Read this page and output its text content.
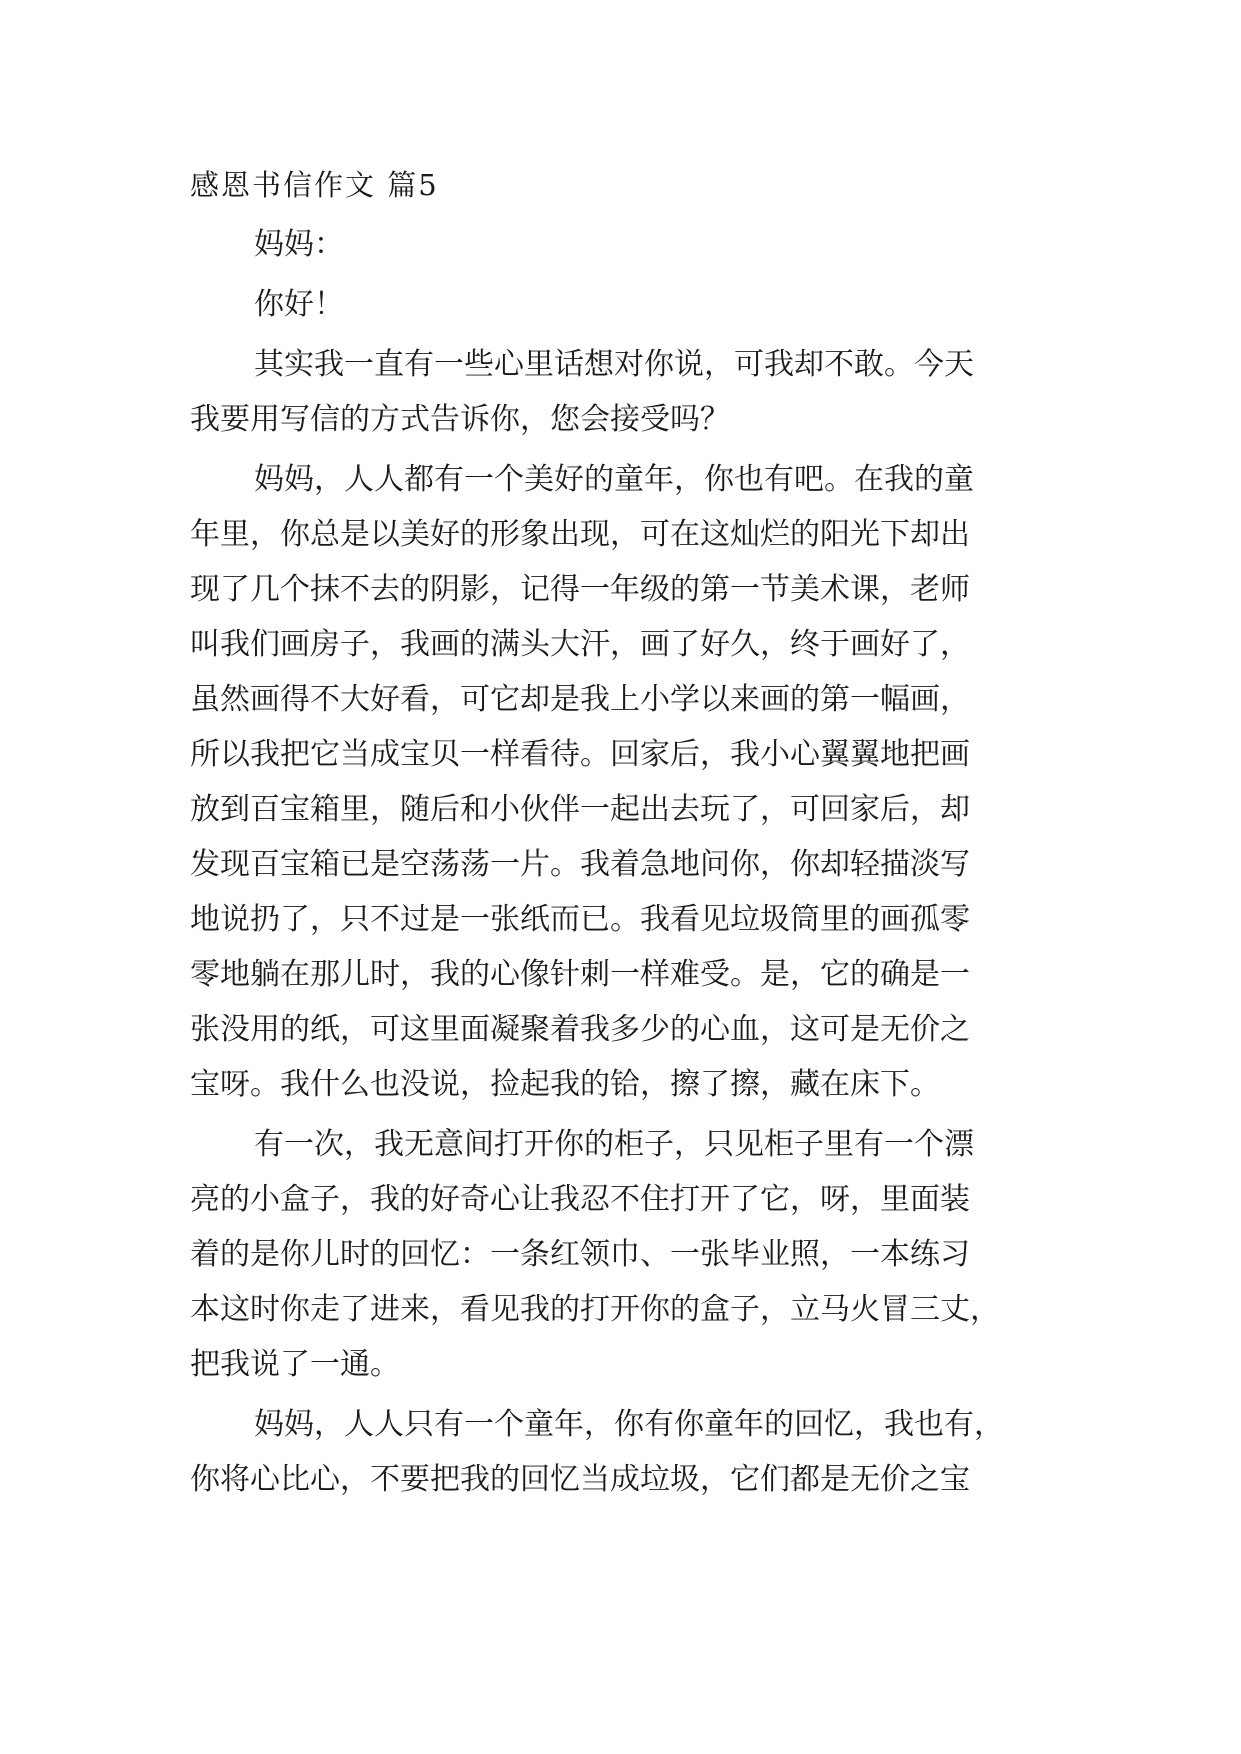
感恩书信作文 篇5
妈妈：
你好！
其实我一直有一些心里话想对你说，可我却不敢。今天
我要用写信的方式告诉你，您会接受吗？
妈妈，人人都有一个美好的童年，你也有吧。在我的童
年里，你总是以美好的形象出现，可在这灿烂的阳光下却出
现了几个抹不去的阴影，记得一年级的第一节美术课，老师
叫我们画房子，我画的满头大汗，画了好久，终于画好了，
虽然画得不大好看，可它却是我上小学以来画的第一幅画，
所以我把它当成宝贝一样看待。回家后，我小心翼翼地把画
放到百宝箱里，随后和小伙伴一起出去玩了，可回家后，却
发现百宝箱已是空荡荡一片。我着急地问你，你却轻描淡写
地说扔了，只不过是一张纸而已。我看见垃圾筒里的画孤零
零地躺在那儿时，我的心像针刺一样难受。是，它的确是一
张没用的纸，可这里面凝聚着我多少的心血，这可是无价之
宝呀。我什么也没说，捡起我的铪，擦了擦，藏在床下。
有一次，我无意间打开你的柜子，只见柜子里有一个漂
亮的小盒子，我的好奇心让我忍不住打开了它，呀，里面装
着的是你儿时的回忆：一条红领巾、一张毕业照，一本练习
本这时你走了进来，看见我的打开你的盒子，立马火冒三丈，
把我说了一通。
妈妈，人人只有一个童年，你有你童年的回忆，我也有，
你将心比心，不要把我的回忆当成垃圾，它们都是无价之宝
